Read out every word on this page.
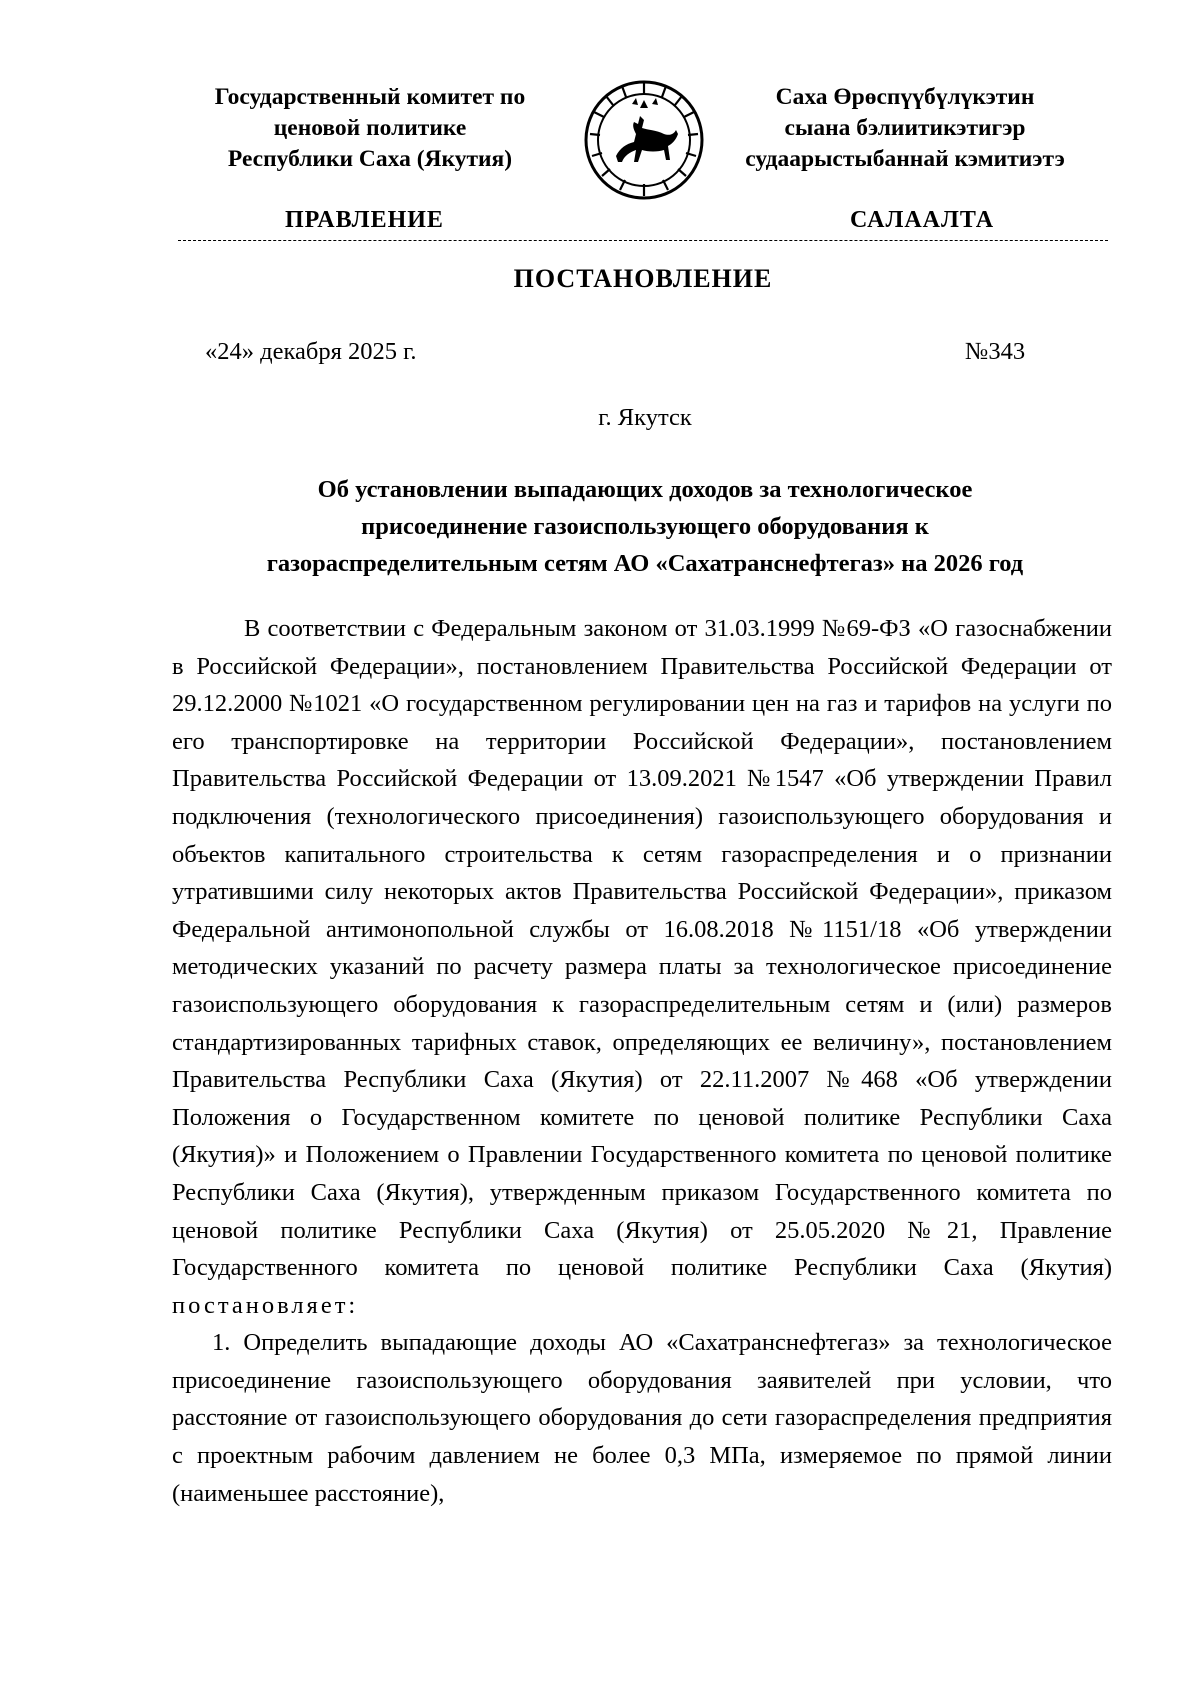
Государственный комитет по
ценовой политике
Республики Саха (Якутия)
Саха Өрөспүүбүлүкэтин
сыана бэлиитикэтигэр
судаарыстыбаннай кэмитиэтэ
ПРАВЛЕНИЕ	САЛААЛТА
ПОСТАНОВЛЕНИЕ
«24» декабря 2025 г.	№343
г. Якутск
Об установлении выпадающих доходов за технологическое
присоединение газоиспользующего оборудования к
газораспределительным сетям АО «Сахатранснефтегаз» на 2026 год

В соответствии с Федеральным законом от 31.03.1999 №69-ФЗ «О газоснабжении в Российской Федерации», постановлением Правительства Российской Федерации от 29.12.2000 №1021 «О государственном регулировании цен на газ и тарифов на услуги по его транспортировке на территории Российской Федерации», постановлением Правительства Российской Федерации от 13.09.2021 №1547 «Об утверждении Правил подключения (технологического присоединения) газоиспользующего оборудования и объектов капитального строительства к сетям газораспределения и о признании утратившими силу некоторых актов Правительства Российской Федерации», приказом Федеральной антимонопольной службы от 16.08.2018 №1151/18 «Об утверждении методических указаний по расчету размера платы за технологическое присоединение газоиспользующего оборудования к газораспределительным сетям и (или) размеров стандартизированных тарифных ставок, определяющих ее величину», постановлением Правительства Республики Саха (Якутия) от 22.11.2007 №468 «Об утверждении Положения о Государственном комитете по ценовой политике Республики Саха (Якутия)» и Положением о Правлении Государственного комитета по ценовой политике Республики Саха (Якутия), утвержденным приказом Государственного комитета по ценовой политике Республики Саха (Якутия) от 25.05.2020 №21, Правление Государственного комитета по ценовой политике Республики Саха (Якутия) постановляет:

1. Определить выпадающие доходы АО «Сахатранснефтегаз» за технологическое присоединение газоиспользующего оборудования заявителей при условии, что расстояние от газоиспользующего оборудования до сети газораспределения предприятия с проектным рабочим давлением не более 0,3 МПа, измеряемое по прямой линии (наименьшее расстояние),
